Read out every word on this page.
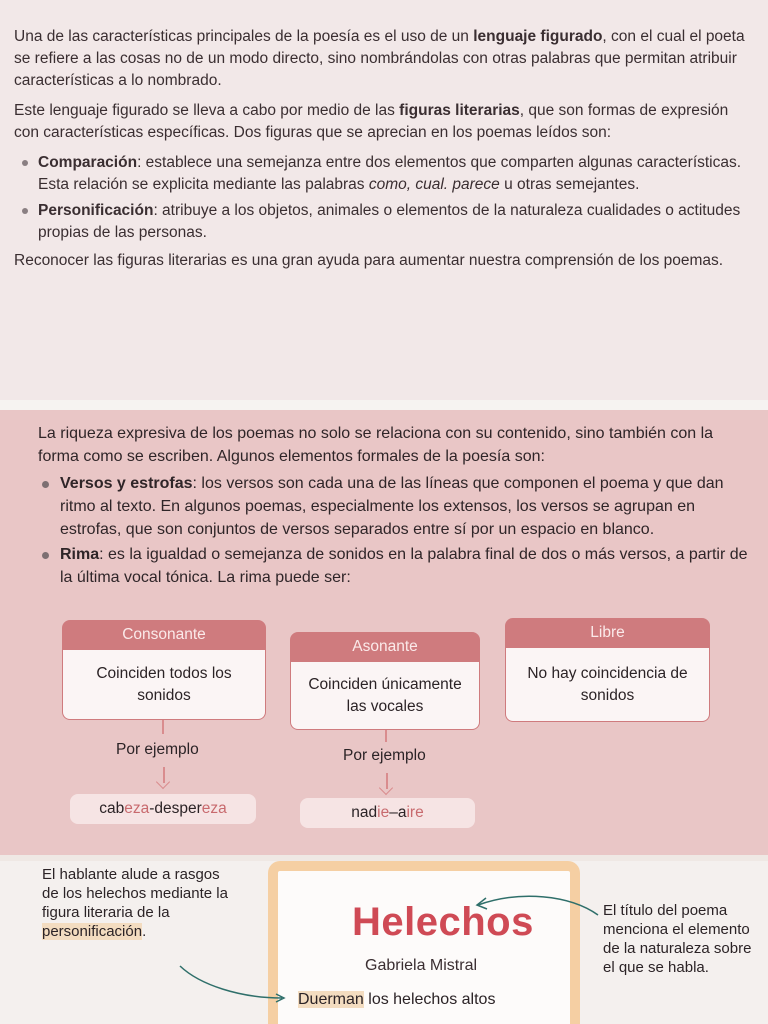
Una de las características principales de la poesía es el uso de un lenguaje figurado, con el cual el poeta se refiere a las cosas no de un modo directo, sino nombrándolas con otras palabras que permitan atribuir características a lo nombrado.

Este lenguaje figurado se lleva a cabo por medio de las figuras literarias, que son formas de expresión con características específicas. Dos figuras que se aprecian en los poemas leídos son:

Comparación: establece una semejanza entre dos elementos que comparten algunas características. Esta relación se explicita mediante las palabras como, cual. parece u otras semejantes.
Personificación: atribuye a los objetos, animales o elementos de la naturaleza cualidades o actitudes propias de las personas.

Reconocer las figuras literarias es una gran ayuda para aumentar nuestra comprensión de los poemas.

La riqueza expresiva de los poemas no solo se relaciona con su contenido, sino también con la forma como se escriben. Algunos elementos formales de la poesía son:

Versos y estrofas: los versos son cada una de las líneas que componen el poema y que dan ritmo al texto. En algunos poemas, especialmente los extensos, los versos se agrupan en estrofas, que son conjuntos de versos separados entre sí por un espacio en blanco.
Rima: es la igualdad o semejanza de sonidos en la palabra final de dos o más versos, a partir de la última vocal tónica. La rima puede ser:
Consonante
Coinciden todos los sonidos
Asonante
Coinciden únicamente las vocales
Libre
No hay coincidencia de sonidos
Por ejemplo	Por ejemplo
cab eza - desper eza	nad ie – a ire
El hablante alude a rasgos de los helechos mediante la figura literaria de la personificación.	Helechos
Gabriela Mistral
Duerman los helechos altos
El título del poema menciona el elemento de la naturaleza sobre el que se habla.
